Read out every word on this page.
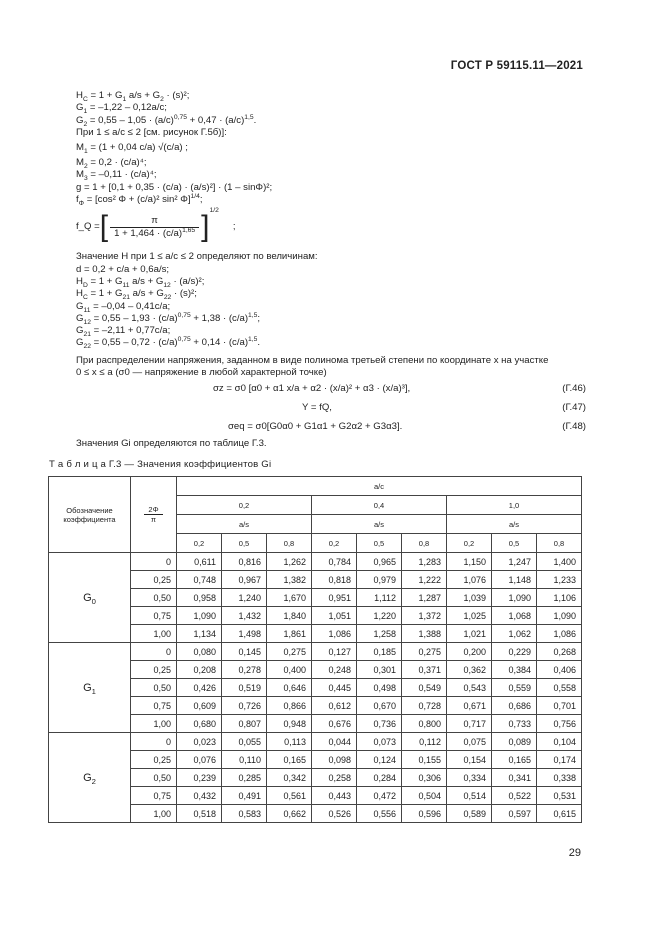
ГОСТ Р 59115.11—2021
$H_C = 1 + G_1$ $a/s + G_2 \cdot (s)^2$;
$G_1 = -1,22 - 0,12a/c$;
$G_2 = 0,55 - 1,05 \cdot (a/c)^{0,75} + 0,47 \cdot (a/c)^{1,5}$.
При 1 ≤ a/c ≤ 2 [см. рисунок Г.5б)]:
$M_1 = (1 + 0,04$ c/a) √(c/a) ;
$M_2 = 0,2 \cdot (c/a)^4$;
$M_3 = -0,11 \cdot (c/a)^4$;
g = 1 + [0,1 + 0,35 · (c/a) · (a/s)²] · (1 – sinΦ)²;
$f_\Phi = [\cos^2$ Φ + (c/a)² sin² Φ]$^{1/4}$;
f_Q = [ $\frac{\pi}{1 + 1,464 \cdot (c/a)^{1,65}}$ ] 1/2
;
Значение H при 1 ≤ a/c ≤ 2 определяют по величинам:
d = 0,2 + c/a + 0,6a/s;
$H_D = 1 + G_{11}$ $a/s + G_{12} \cdot (a/s)^2$;
$H_C = 1 + G_{21}$ $a/s + G_{22} \cdot (s)^2$;
$G_{11} = -0,04 - 0,41c/a$;
$G_{12} = 0,55 - 1,93 \cdot (c/a)^{0,75} + 1,38 \cdot (c/a)^{1,5}$;
$G_{21} = -2,11 + 0,77c/a$;
$G_{22} = 0,55 - 0,72 \cdot (c/a)^{0,75} + 0,14 \cdot (c/a)^{1,5}$.
При распределении напряжения, заданном в виде полинома третьей степени по координате x на участке
0 ≤ x ≤ a (σ0 — напряжение в любой характерной точке)
σz = σ0 [α0 + α1 x/a + α2 · (x/a)² + α3 · (x/a)³],	(Г.46)
Y = fQ,	(Г.47)
σeq = σ0[G0α0 + G1α1 + G2α2 + G3α3].	(Г.48)
Значения Gi определяются по таблице Г.3.
Т а б л и ц а Г.3 — Значения коэффициентов Gi
Обозначение коэффициента	$\frac{2\Phi}{\pi}$	a/c								
		0,2			0,4			1,0		
		a/s			a/s			a/s		
		0,2	0,5	0,8	0,2	0,5	0,8	0,2	0,5	0,8
$G_0$	0	0,611	0,816	1,262	0,784	0,965	1,283	1,150	1,247	1,400
	0,25	0,748	0,967	1,382	0,818	0,979	1,222	1,076	1,148	1,233
	0,50	0,958	1,240	1,670	0,951	1,112	1,287	1,039	1,090	1,106
	0,75	1,090	1,432	1,840	1,051	1,220	1,372	1,025	1,068	1,090
	1,00	1,134	1,498	1,861	1,086	1,258	1,388	1,021	1,062	1,086
$G_1$	0	0,080	0,145	0,275	0,127	0,185	0,275	0,200	0,229	0,268
	0,25	0,208	0,278	0,400	0,248	0,301	0,371	0,362	0,384	0,406
	0,50	0,426	0,519	0,646	0,445	0,498	0,549	0,543	0,559	0,558
	0,75	0,609	0,726	0,866	0,612	0,670	0,728	0,671	0,686	0,701
	1,00	0,680	0,807	0,948	0,676	0,736	0,800	0,717	0,733	0,756
$G_2$	0	0,023	0,055	0,113	0,044	0,073	0,112	0,075	0,089	0,104
	0,25	0,076	0,110	0,165	0,098	0,124	0,155	0,154	0,165	0,174
	0,50	0,239	0,285	0,342	0,258	0,284	0,306	0,334	0,341	0,338
	0,75	0,432	0,491	0,561	0,443	0,472	0,504	0,514	0,522	0,531
	1,00	0,518	0,583	0,662	0,526	0,556	0,596	0,589	0,597	0,615
29
